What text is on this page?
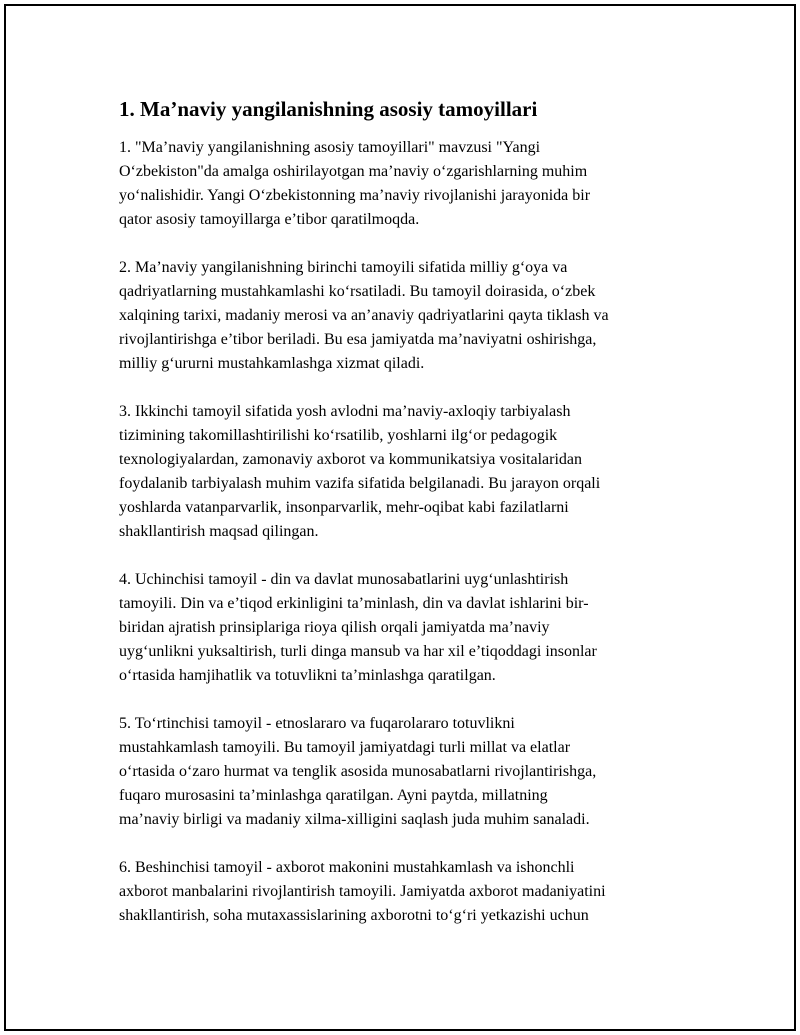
1. Ma’naviy yangilanishning asosiy tamoyillari

1. "Ma’naviy yangilanishning asosiy tamoyillari" mavzusi "Yangi
O‘zbekiston"da amalga oshirilayotgan ma’naviy o‘zgarishlarning muhim
yo‘nalishidir. Yangi O‘zbekistonning ma’naviy rivojlanishi jarayonida bir
qator asosiy tamoyillarga e’tibor qaratilmoqda.

2. Ma’naviy yangilanishning birinchi tamoyili sifatida milliy g‘oya va
qadriyatlarning mustahkamlashi ko‘rsatiladi. Bu tamoyil doirasida, o‘zbek
xalqining tarixi, madaniy merosi va an’anaviy qadriyatlarini qayta tiklash va
rivojlantirishga e’tibor beriladi. Bu esa jamiyatda ma’naviyatni oshirishga,
milliy g‘ururni mustahkamlashga xizmat qiladi.

3. Ikkinchi tamoyil sifatida yosh avlodni ma’naviy-axloqiy tarbiyalash
tizimining takomillashtirilishi ko‘rsatilib, yoshlarni ilg‘or pedagogik
texnologiyalardan, zamonaviy axborot va kommunikatsiya vositalaridan
foydalanib tarbiyalash muhim vazifa sifatida belgilanadi. Bu jarayon orqali
yoshlarda vatanparvarlik, insonparvarlik, mehr-oqibat kabi fazilatlarni
shakllantirish maqsad qilingan.

4. Uchinchisi tamoyil - din va davlat munosabatlarini uyg‘unlashtirish
tamoyili. Din va e’tiqod erkinligini ta’minlash, din va davlat ishlarini bir-
biridan ajratish prinsiplariga rioya qilish orqali jamiyatda ma’naviy
uyg‘unlikni yuksaltirish, turli dinga mansub va har xil e’tiqoddagi insonlar
o‘rtasida hamjihatlik va totuvlikni ta’minlashga qaratilgan.

5. To‘rtinchisi tamoyil - etnoslararo va fuqarolararo totuvlikni
mustahkamlash tamoyili. Bu tamoyil jamiyatdagi turli millat va elatlar
o‘rtasida o‘zaro hurmat va tenglik asosida munosabatlarni rivojlantirishga,
fuqaro murosasini ta’minlashga qaratilgan. Ayni paytda, millatning
ma’naviy birligi va madaniy xilma-xilligini saqlash juda muhim sanaladi.

6. Beshinchisi tamoyil - axborot makonini mustahkamlash va ishonchli
axborot manbalarini rivojlantirish tamoyili. Jamiyatda axborot madaniyatini
shakllantirish, soha mutaxassislarining axborotni to‘g‘ri yetkazishi uchun
